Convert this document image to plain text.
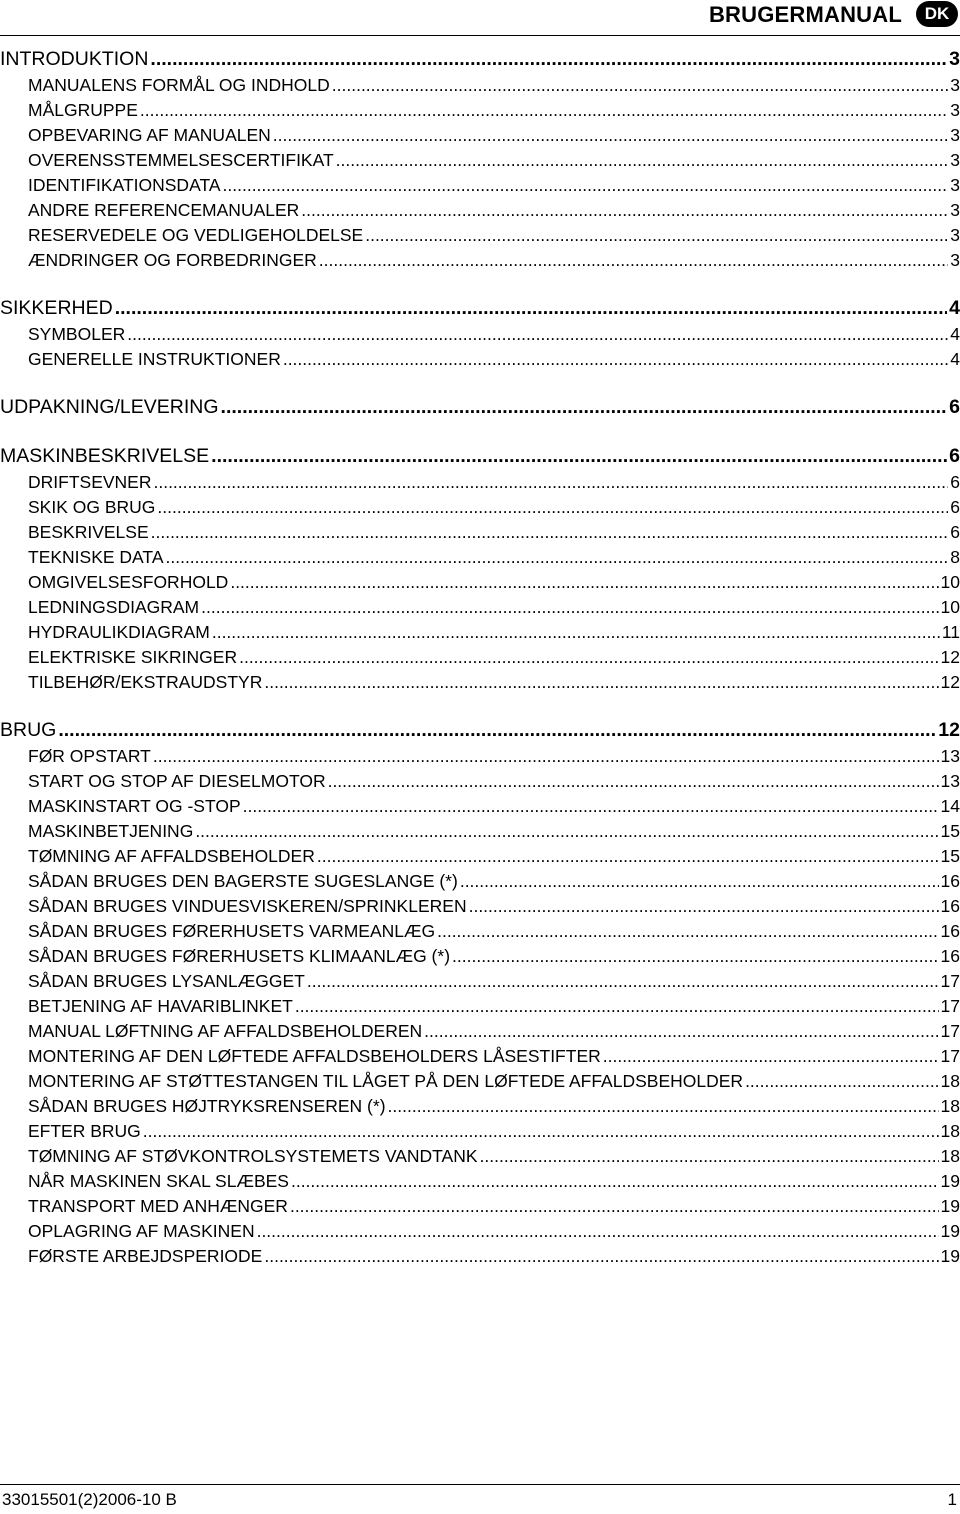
BRUGERMANUAL	DK
INTRODUKTION .....	3
MANUALENS FORMÅL OG INDHOLD .....	3
MÅLGRUPPE .....	3
OPBEVARING AF MANUALEN .....	3
OVERENSSTEMMELSESCERTIFIKAT .....	3
IDENTIFIKATIONSDATA .....	3
ANDRE REFERENCEMANUALER .....	3
RESERVEDELE OG VEDLIGEHOLDELSE .....	3
ÆNDRINGER OG FORBEDRINGER .....	3
SIKKERHED .....	4
SYMBOLER .....	4
GENERELLE INSTRUKTIONER .....	4
UDPAKNING/LEVERING .....	6
MASKINBESKRIVELSE .....	6
DRIFTSEVNER .....	6
SKIK OG BRUG .....	6
BESKRIVELSE .....	6
TEKNISKE DATA .....	8
OMGIVELSESFORHOLD .....	10
LEDNINGSDIAGRAM .....	10
HYDRAULIKDIAGRAM .....	11
ELEKTRISKE SIKRINGER .....	12
TILBEHØR/EKSTRAUDSTYR .....	12
BRUG .....	12
FØR OPSTART .....	13
START OG STOP AF DIESELMOTOR .....	13
MASKINSTART OG -STOP .....	14
MASKINBETJENING .....	15
TØMNING AF AFFALDSBEHOLDER .....	15
SÅDAN BRUGES DEN BAGERSTE SUGESLANGE (*) .....	16
SÅDAN BRUGES VINDUESVISKEREN/SPRINKLEREN .....	16
SÅDAN BRUGES FØRERHUSETS VARMEANLÆG .....	16
SÅDAN BRUGES FØRERHUSETS KLIMAANLÆG (*) .....	16
SÅDAN BRUGES LYSANLÆGGET .....	17
BETJENING AF HAVARIBLINKET .....	17
MANUAL LØFTNING AF AFFALDSBEHOLDEREN .....	17
MONTERING AF DEN LØFTEDE AFFALDSBEHOLDERS LÅSESTIFTER .....	17
MONTERING AF STØTTESTANGEN TIL LÅGET PÅ DEN LØFTEDE AFFALDSBEHOLDER .....	18
SÅDAN BRUGES HØJTRYKSRENSEREN (*) .....	18
EFTER BRUG .....	18
TØMNING AF STØVKONTROLSYSTEMETS VANDTANK .....	18
NÅR MASKINEN SKAL SLÆBES .....	19
TRANSPORT MED ANHÆNGER .....	19
OPLAGRING AF MASKINEN .....	19
FØRSTE ARBEJDSPERIODE .....	19
33015501(2)2006-10 B	1
